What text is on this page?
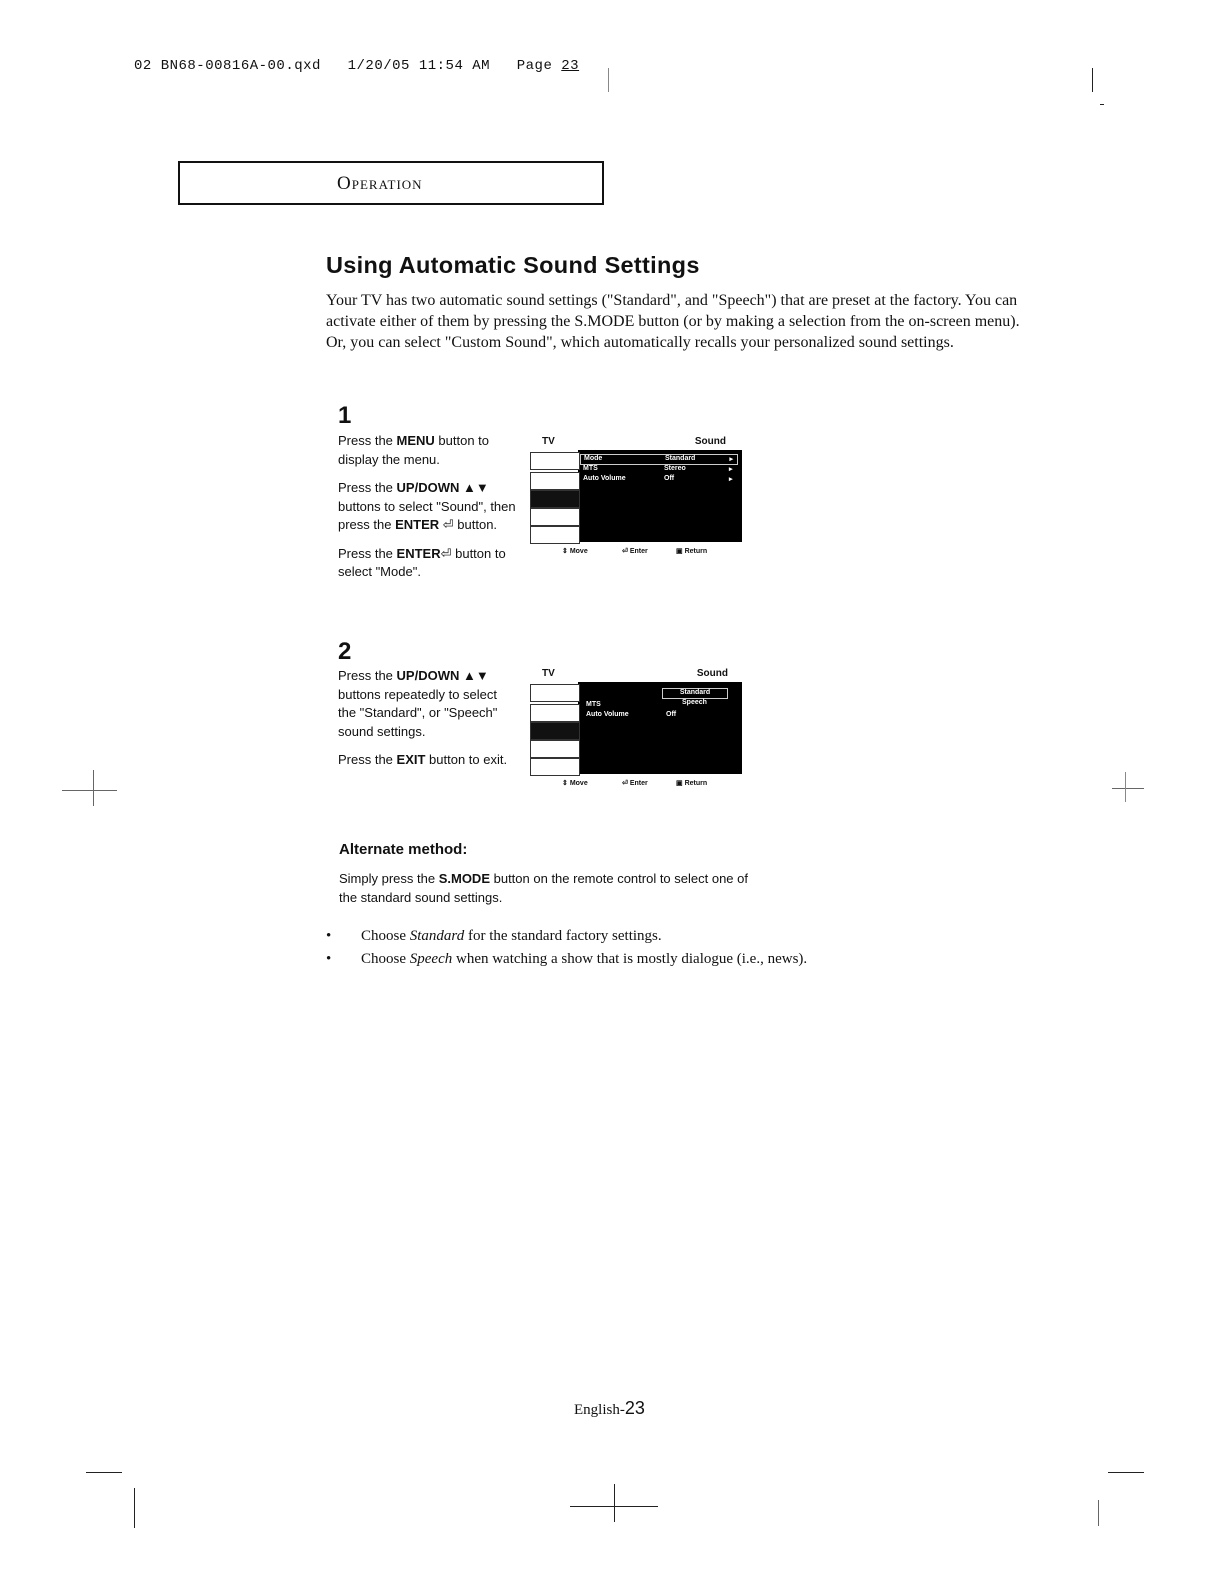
02 BN68-00816A-00.qxd   1/20/05 11:54 AM   Page 23
Operation
Using Automatic Sound Settings
Your TV has two automatic sound settings ("Standard", and "Speech") that are preset at the factory. You can activate either of them by pressing the S.MODE button (or by making a selection from the on-screen menu). Or, you can select "Custom Sound", which automatically recalls your personalized sound settings.
1

Press the MENU button to display the menu.

Press the UP/DOWN ▲▼ buttons to select "Sound", then press the ENTER ⏎ button.

Press the ENTER⏎ button to select "Mode".

TV	Sound
Mode	Standard	▸
MTS	Stereo	▸
Auto Volume	Off	▸
⇕ Move	⏎ Enter	▣ Return
2

Press the UP/DOWN ▲▼ buttons repeatedly to select the "Standard", or "Speech" sound settings.

Press the EXIT button to exit.

TV	Sound
MTS
Auto Volume	Off
Standard
Speech
⇕ Move	⏎ Enter	▣ Return
Alternate method:
Simply press the S.MODE button on the remote control to select one of the standard sound settings.
• Choose Standard for the standard factory settings.
• Choose Speech when watching a show that is mostly dialogue (i.e., news).
English-23
